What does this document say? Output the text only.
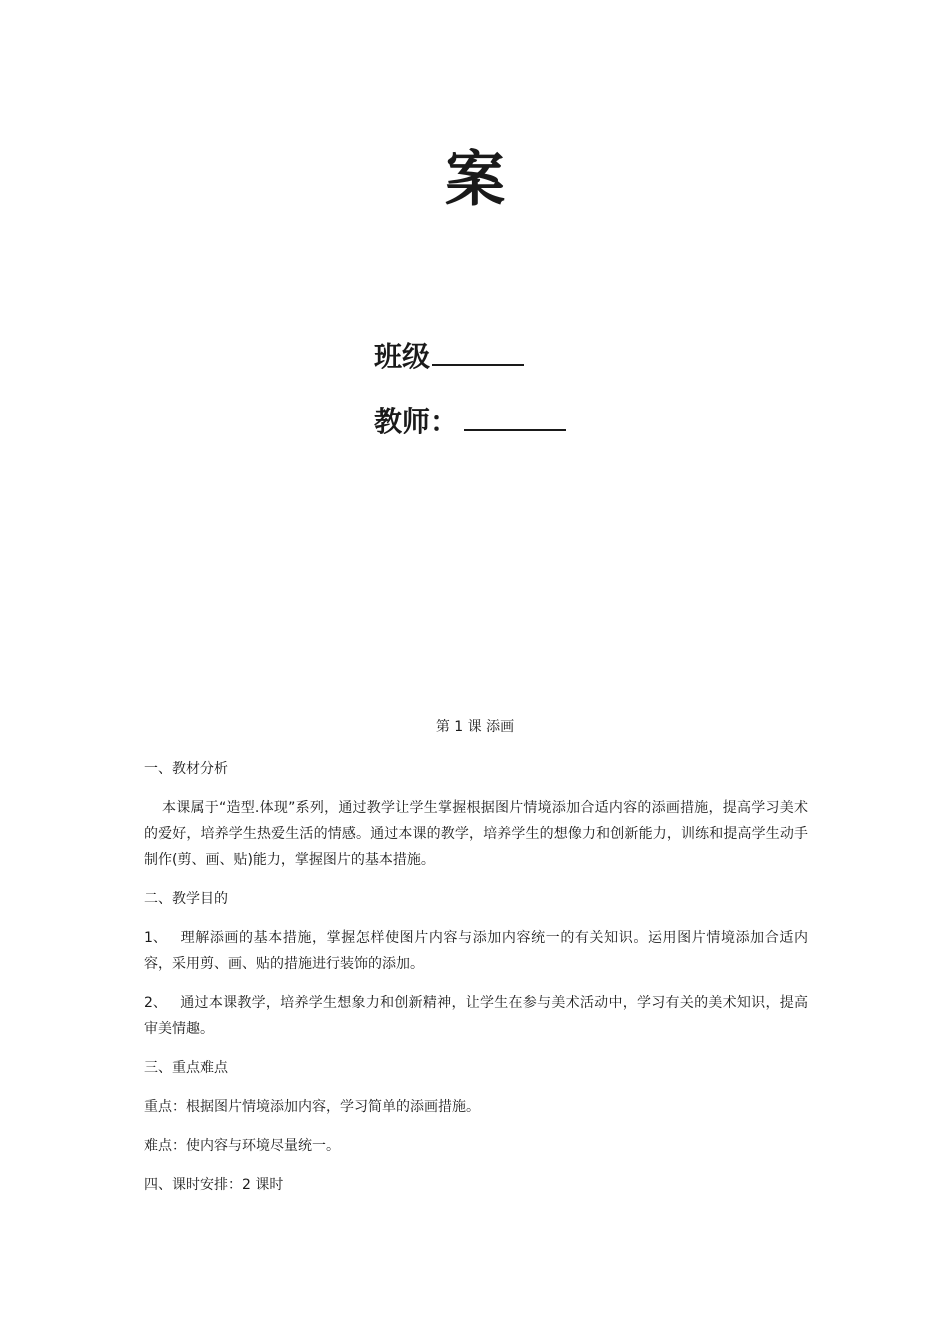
案
班级
教师：
第 1 课 添画

一、教材分析

本课属于“造型.体现”系列，通过教学让学生掌握根据图片情境添加合适内容的添画措施，提高学习美术的爱好，培养学生热爱生活的情感。通过本课的教学，培养学生的想像力和创新能力，训练和提高学生动手制作(剪、画、贴)能力，掌握图片的基本措施。

二、教学目的

1、 理解添画的基本措施，掌握怎样使图片内容与添加内容统一的有关知识。运用图片情境添加合适内容，采用剪、画、贴的措施进行装饰的添加。

2、 通过本课教学，培养学生想象力和创新精神，让学生在参与美术活动中，学习有关的美术知识，提高审美情趣。

三、重点难点

重点：根据图片情境添加内容，学习简单的添画措施。

难点：使内容与环境尽量统一。

四、课时安排：2 课时
